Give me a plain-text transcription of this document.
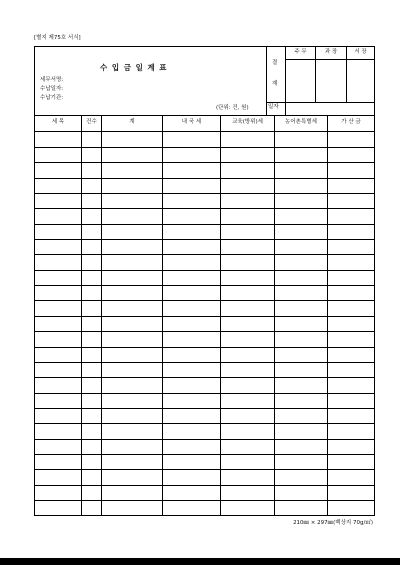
[별지 제75호 서식]
수 입 금 일 계 표
세무서명:
수납일자:
수납기관:
(단위: 건, 원)
결
재
일자
주 무	과 장	서 장
세 목	건수	계	내 국 세	교육(방위)세	농어촌특별세	가 산 금
210㎜ × 297㎜(백상지 70g/㎡)
